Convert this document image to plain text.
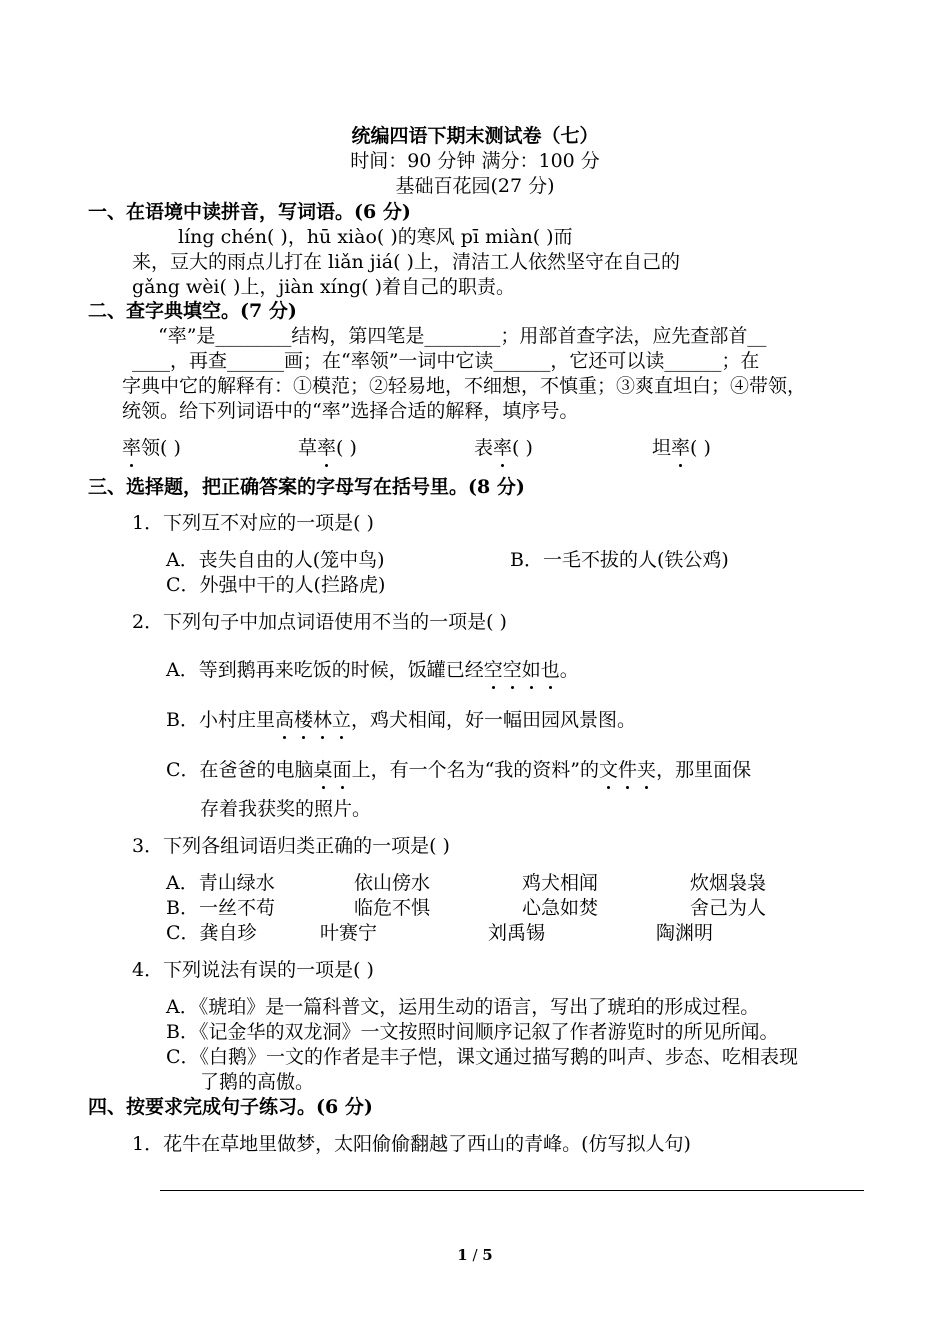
统编四语下期末测试卷（七）
时间：90 分钟 满分：100 分
基础百花园(27 分)
一、在语境中读拼音，写词语。(6 分)
líng chén( )，hū xiào( )的寒风 pī miàn( )而
来，豆大的雨点儿打在 liǎn jiá( )上，清洁工人依然坚守在自己的
gǎng wèi( )上，jiàn xíng( )着自己的职责。
二、查字典填空。(7 分)
“率”是________结构，第四笔是________；用部首查字法，应先查部首__
____，再查______画；在“率领”一词中它读______，它还可以读______；在
字典中它的解释有：①模范；②轻易地，不细想，不慎重；③爽直坦白；④带领，
统领。给下列词语中的“率”选择合适的解释，填序号。
率领( )	草率( )	表率( )	坦率( )
三、选择题，把正确答案的字母写在括号里。(8 分)
1．下列互不对应的一项是( )
A．丧失自由的人(笼中鸟)	B．一毛不拔的人(铁公鸡)
C．外强中干的人(拦路虎)
2．下列句子中加点词语使用不当的一项是( )
A．等到鹅再来吃饭的时候，饭罐已经空空如也。
B．小村庄里高楼林立，鸡犬相闻，好一幅田园风景图。
C．在爸爸的电脑桌面上，有一个名为“我的资料”的文件夹，那里面保
存着我获奖的照片。
3．下列各组词语归类正确的一项是( )
A．青山绿水	依山傍水	鸡犬相闻	炊烟袅袅
B．一丝不苟	临危不惧	心急如焚	舍己为人
C．龚自珍	叶赛宁	刘禹锡	陶渊明
4．下列说法有误的一项是( )
A．《琥珀》是一篇科普文，运用生动的语言，写出了琥珀的形成过程。
B．《记金华的双龙洞》一文按照时间顺序记叙了作者游览时的所见所闻。
C．《白鹅》一文的作者是丰子恺，课文通过描写鹅的叫声、步态、吃相表现
了鹅的高傲。
四、按要求完成句子练习。(6 分)
1．花牛在草地里做梦，太阳偷偷翻越了西山的青峰。(仿写拟人句)
1 / 5
